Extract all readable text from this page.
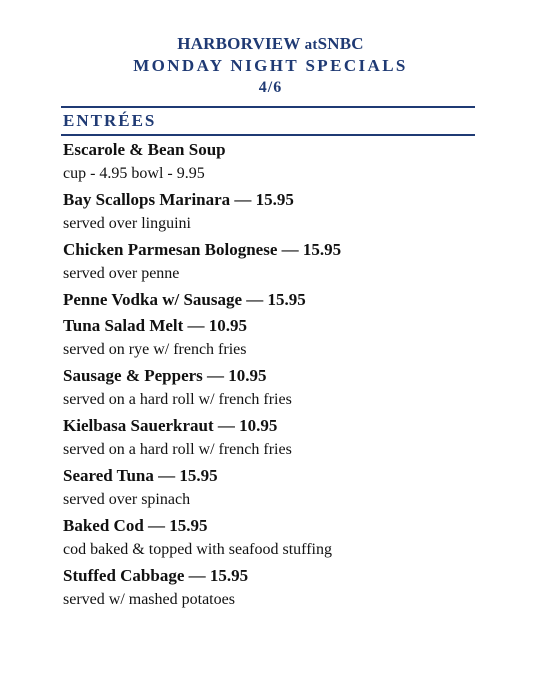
HARBORVIEW atSNBC
MONDAY NIGHT SPECIALS
4/6
ENTRÉES
Escarole & Bean Soup
cup - 4.95 bowl - 9.95
Bay Scallops Marinara — 15.95
served over linguini
Chicken Parmesan Bolognese — 15.95
served over penne
Penne Vodka w/ Sausage — 15.95
Tuna Salad Melt — 10.95
served on rye w/ french fries
Sausage & Peppers — 10.95
served on a hard roll w/ french fries
Kielbasa Sauerkraut — 10.95
served on a hard roll w/ french fries
Seared Tuna — 15.95
served over spinach
Baked Cod — 15.95
cod baked & topped with seafood stuffing
Stuffed Cabbage — 15.95
served w/ mashed potatoes
